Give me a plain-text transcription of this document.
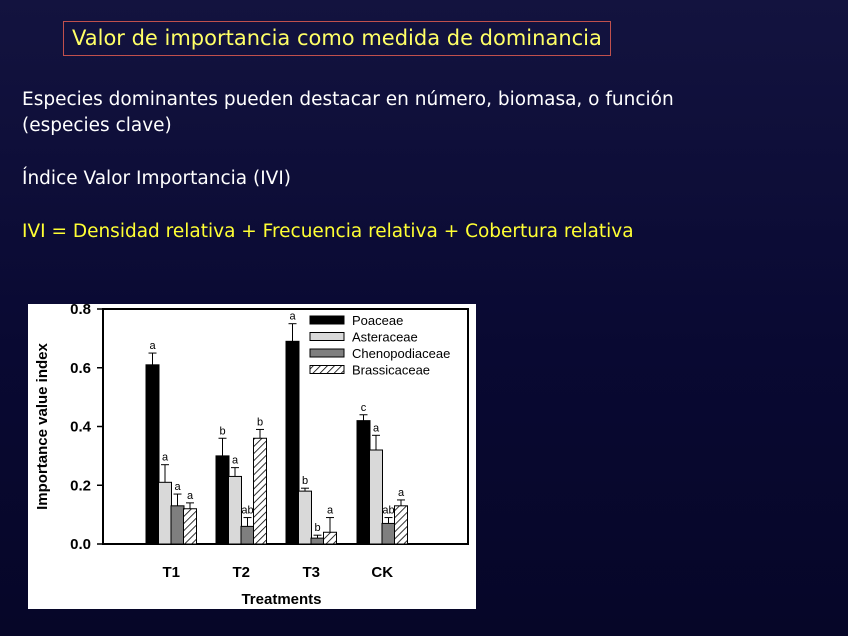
Valor de importancia como medida de dominancia
Especies dominantes pueden destacar en número, biomasa, o función
(especies clave)
Índice Valor Importancia (IVI)
IVI = Densidad relativa + Frecuencia relativa + Cobertura relativa
0.0
0.2
0.4
0.6
0.8
Importance value index
Treatments
a
a
a
a
T1
b
a
ab
b
T2
a
b
b
a
T3
c
a
ab
a
CK
Poaceae
Asteraceae
Chenopodiaceae
Brassicaceae
